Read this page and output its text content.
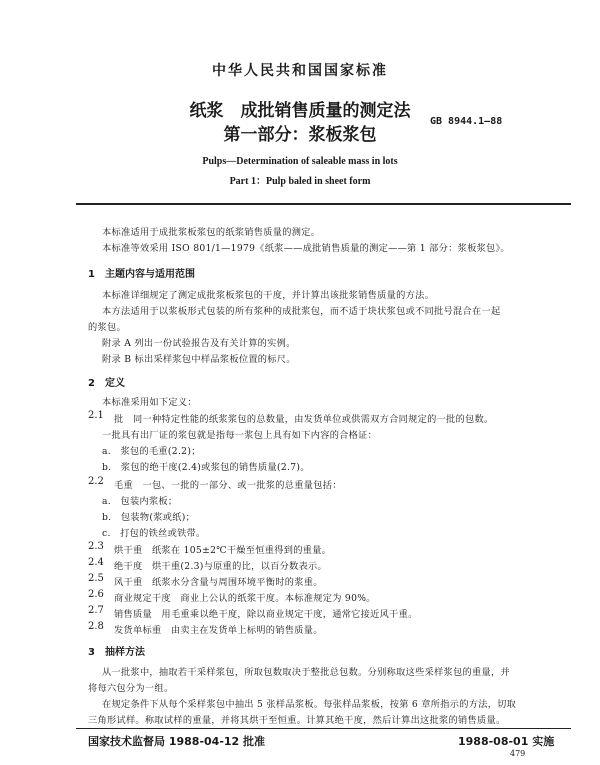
中华人民共和国国家标准
纸浆　成批销售质量的测定法
第一部分：浆板浆包
GB 8944.1—88
Pulps—Determination of saleable mass in lots
Part 1：Pulp baled in sheet form
本标准适用于成批浆板浆包的纸浆销售质量的测定。
本标准等效采用 ISO 801/1—1979《纸浆——成批销售质量的测定——第 1 部分：浆板浆包》。
1　主题内容与适用范围
本标准详细规定了测定成批浆板浆包的干度，并计算出该批浆销售质量的方法。
本方法适用于以浆板形式包装的所有浆种的成批浆包，而不适于块状浆包或不同批号混合在一起
的浆包。
附录 A 列出一份试验报告及有关计算的实例。
附录 B 标出采样浆包中样品浆板位置的标尺。
2　定义
本标准采用如下定义：
2.1 批　同一种特定性能的纸浆浆包的总数量，由发货单位或供需双方合同规定的一批的包数。
一批具有出厂证的浆包就是指每一浆包上具有如下内容的合格证：
a.　浆包的毛重(2.2)；
b.　浆包的绝干度(2.4)或浆包的销售质量(2.7)。
2.2 毛重　一包、一批的一部分、或一批浆的总重量包括：
a.　包装内浆板；
b.　包装物(浆或纸)；
c.　打包的铁丝或铁带。
2.3 烘干重　纸浆在 105±2℃干燥至恒重得到的重量。
2.4 绝干度　烘干重(2.3)与原重的比，以百分数表示。
2.5 风干重　纸浆水分含量与周围环境平衡时的浆重。
2.6 商业规定干度　商业上公认的纸浆干度。本标准规定为 90%。
2.7 销售质量　用毛重乘以绝干度，除以商业规定干度，通常它接近风干重。
2.8 发货单标重　由卖主在发货单上标明的销售质量。
3　抽样方法
从一批浆中，抽取若干采样浆包，所取包数取决于整批总包数。分别称取这些采样浆包的重量，并
将每六包分为一组。
在规定条件下从每个采样浆包中抽出 5 张样品浆板。每张样品浆板，按第 6 章所指示的方法，切取
三角形试样。称取试样的重量，并将其烘干至恒重。计算其绝干度，然后计算出这批浆的销售质量。
国家技术监督局 1988-04-12 批准	1988-08-01 实施
479
